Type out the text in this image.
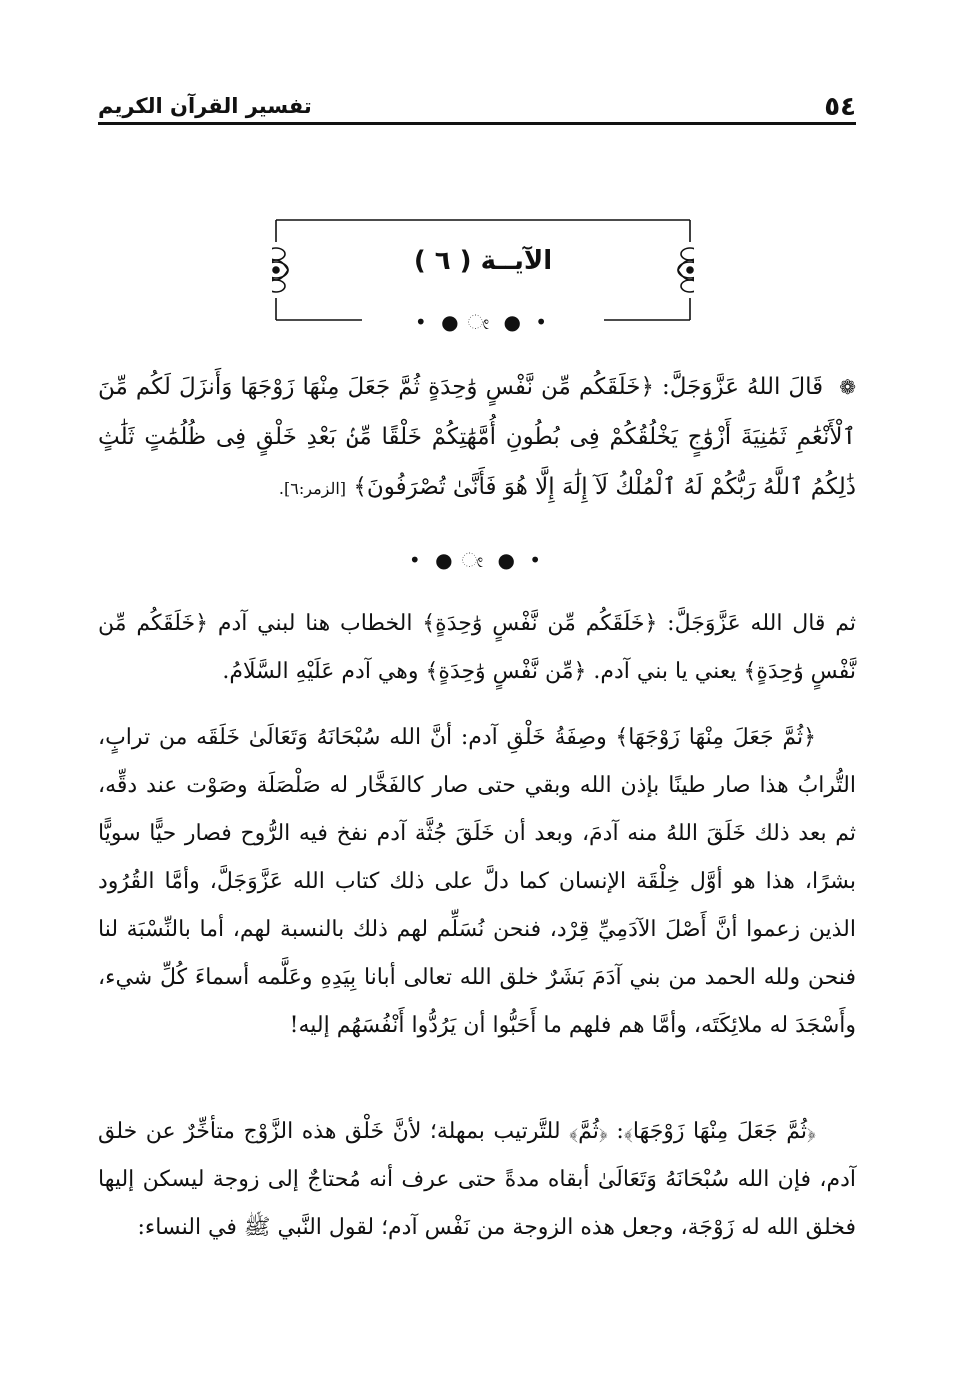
٥٤
تفسير القرآن الكريم
الآيــة ( ٦ )
• ● ೕ ● •
❁ قَالَ اللهُ عَزَّوَجَلَّ: ﴿خَلَقَكُم مِّن نَّفْسٍ وَٰحِدَةٍ ثُمَّ جَعَلَ مِنْهَا زَوْجَهَا وَأَنزَلَ لَكُم مِّنَ ٱلْأَنْعَٰمِ ثَمَٰنِيَةَ أَزْوَٰجٍ يَخْلُقُكُمْ فِى بُطُونِ أُمَّهَٰتِكُمْ خَلْقًا مِّنۢ بَعْدِ خَلْقٍ فِى ظُلُمَٰتٍ ثَلَٰثٍ ذَٰلِكُمُ ٱللَّهُ رَبُّكُمْ لَهُ ٱلْمُلْكُ لَآ إِلَٰهَ إِلَّا هُوَ فَأَنَّىٰ تُصْرَفُونَ﴾ [الزمر:٦].
• ● ೕ ● •

ثم قال الله عَزَّوَجَلَّ: ﴿خَلَقَكُم مِّن نَّفْسٍ وَٰحِدَةٍ﴾ الخطاب هنا لبني آدم ﴿خَلَقَكُم مِّن نَّفْسٍ وَٰحِدَةٍ﴾ يعني يا بني آدم. ﴿مِّن نَّفْسٍ وَٰحِدَةٍ﴾ وهي آدم عَلَيْهِ السَّلَامُ.

﴿ثُمَّ جَعَلَ مِنْهَا زَوْجَهَا﴾ وصِفَةُ خَلْقِ آدم: أنَّ الله سُبْحَانَهُ وَتَعَالَىٰ خَلَقَه من ترابٍ، التُّرابُ هذا صار طينًا بإذن الله وبقي حتى صار كالفَخَّار له صَلْصَلَة وصَوْت عند دقِّه، ثم بعد ذلك خَلَقَ اللهُ منه آدمَ، وبعد أن خَلَقَ جُثَّة آدم نفخ فيه الرُّوح فصار حيًّا سويًّا بشرًا، هذا هو أوَّل خِلْقَة الإنسان كما دلَّ على ذلك كتاب الله عَزَّوَجَلَّ، وأمَّا القُرُود الذين زعموا أنَّ أَصْلَ الآدَمِيِّ قِرْد، فنحن نُسَلِّم لهم ذلك بالنسبة لهم، أما بالنِّسْبَة لنا فنحن ولله الحمد من بني آدَمَ بَشَرٌ خلق الله تعالى أبانا بِيَدِهِ وعَلَّمه أسماءَ كُلِّ شيء، وأَسْجَدَ له ملائِكَتَه، وأمَّا هم فلهم ما أَحَبُّوا أن يَرُدُّوا أَنْفُسَهُم إليه!

﴿ثُمَّ جَعَلَ مِنْهَا زَوْجَهَا﴾: ﴿ثُمَّ﴾ للتَّرتيب بمهلة؛ لأنَّ خَلْق هذه الزَّوْج متأخِّرٌ عن خلق آدم، فإن الله سُبْحَانَهُ وَتَعَالَىٰ أبقاه مدةً حتى عرف أنه مُحتاجٌ إلى زوجة ليسكن إليها فخلق الله له زَوْجَة، وجعل هذه الزوجة من نَفْس آدم؛ لقول النَّبي ﷺ في النساء:
